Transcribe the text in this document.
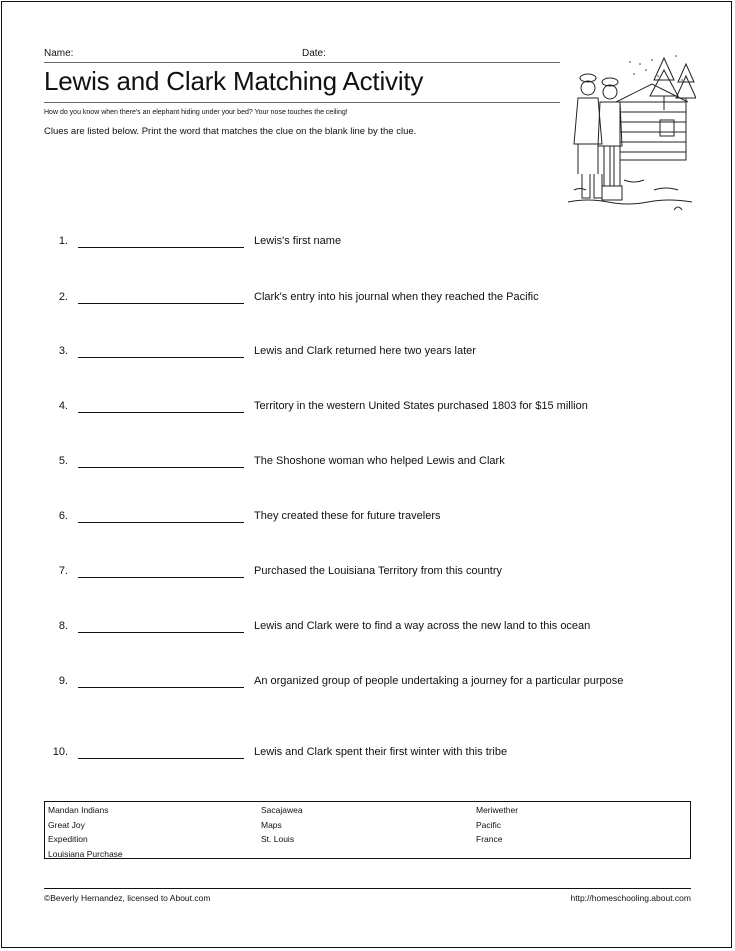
Name:	Date:
Lewis and Clark Matching Activity
How do you know when there's an elephant hiding under your bed? Your nose touches the ceiling!
Clues are listed below. Print the word that matches the clue on the blank line by the clue.
1.	Lewis's first name
2.	Clark's entry into his journal when they reached the Pacific
3.	Lewis and Clark returned here two years later
4.	Territory in the western United States purchased 1803 for $15 million
5.	The Shoshone woman who helped Lewis and Clark
6.	They created these for future travelers
7.	Purchased the Louisiana Territory from this country
8.	Lewis and Clark were to find a way across the new land to this ocean
9.	An organized group of people undertaking a journey for a particular purpose
10.	Lewis and Clark spent their first winter with this tribe
Mandan Indians
Great Joy
Expedition
Louisiana Purchase
Sacajawea
Maps
St. Louis
Meriwether
Pacific
France
©Beverly Hernandez, licensed to About.com	http://homeschooling.about.com
